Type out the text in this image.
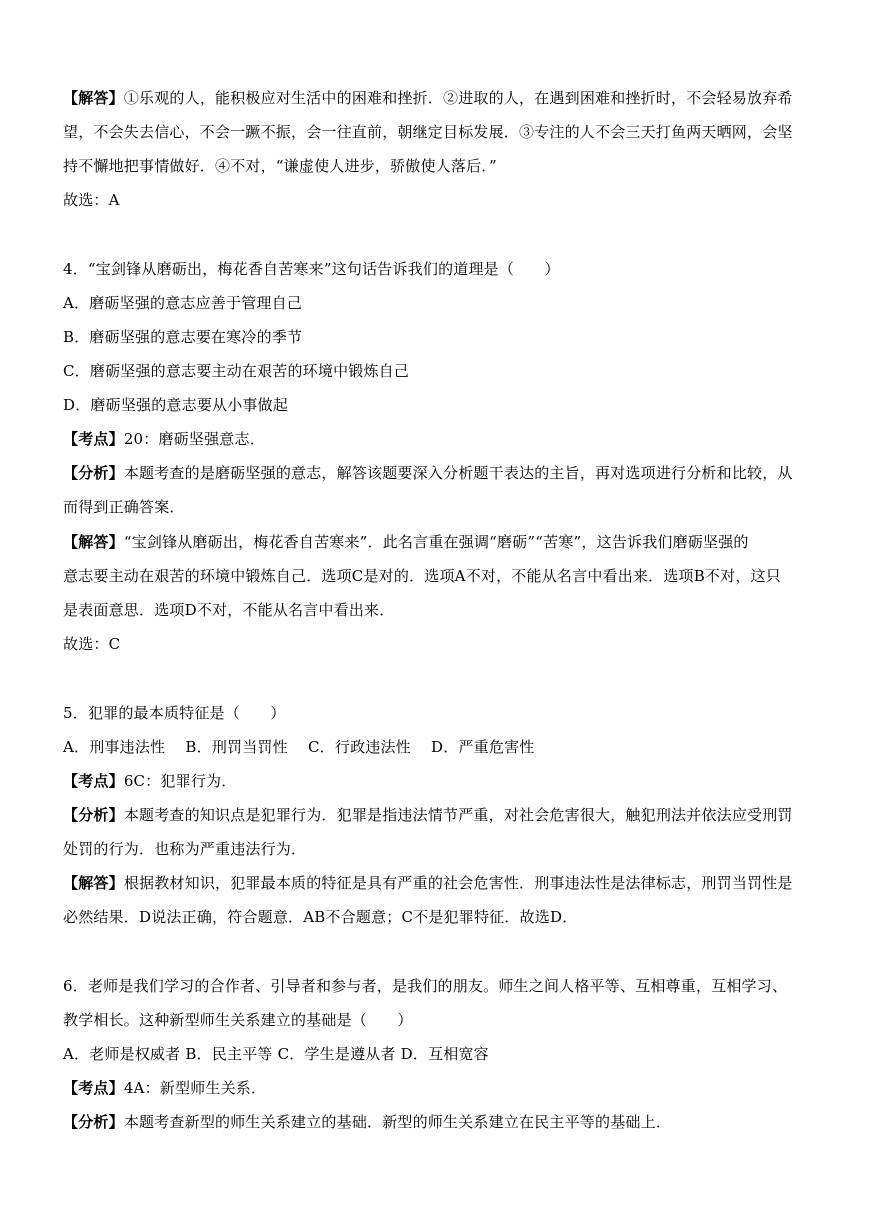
【解答】①乐观的人，能积极应对生活中的困难和挫折．②进取的人，在遇到困难和挫折时，不会轻易放弃希
望，不会失去信心，不会一蹶不振，会一往直前，朝继定目标发展．③专注的人不会三天打鱼两天晒网，会坚
持不懈地把事情做好．④不对，“谦虚使人进步，骄傲使人落后．”
故选：A
4．“宝剑锋从磨砺出，梅花香自苦寒来”这句话告诉我们的道理是（　　）
A．磨砺坚强的意志应善于管理自己
B．磨砺坚强的意志要在寒冷的季节
C．磨砺坚强的意志要主动在艰苦的环境中锻炼自己
D．磨砺坚强的意志要从小事做起
【考点】20：磨砺坚强意志．
【分析】本题考查的是磨砺坚强的意志，解答该题要深入分析题干表达的主旨，再对选项进行分析和比较，从
而得到正确答案．
【解答】“宝剑锋从磨砺出，梅花香自苦寒来”．此名言重在强调“磨砺”“苦寒”，这告诉我们磨砺坚强的
意志要主动在艰苦的环境中锻炼自己．选项C是对的．选项A不对，不能从名言中看出来．选项B不对，这只
是表面意思．选项D不对，不能从名言中看出来．
故选：C
5．犯罪的最本质特征是（　　）
A．刑事违法性　 B．刑罚当罚性　 C．行政违法性　 D．严重危害性
【考点】6C：犯罪行为．
【分析】本题考查的知识点是犯罪行为．犯罪是指违法情节严重，对社会危害很大，触犯刑法并依法应受刑罚
处罚的行为．也称为严重违法行为．
【解答】根据教材知识，犯罪最本质的特征是具有严重的社会危害性．刑事违法性是法律标志，刑罚当罚性是
必然结果．D说法正确，符合题意．AB不合题意；C不是犯罪特征．故选D．
6．老师是我们学习的合作者、引导者和参与者，是我们的朋友。师生之间人格平等、互相尊重，互相学习、
教学相长。这种新型师生关系建立的基础是（　　）
A．老师是权威者 B．民主平等 C．学生是遵从者 D．互相宽容
【考点】4A：新型师生关系．
【分析】本题考查新型的师生关系建立的基础．新型的师生关系建立在民主平等的基础上．
